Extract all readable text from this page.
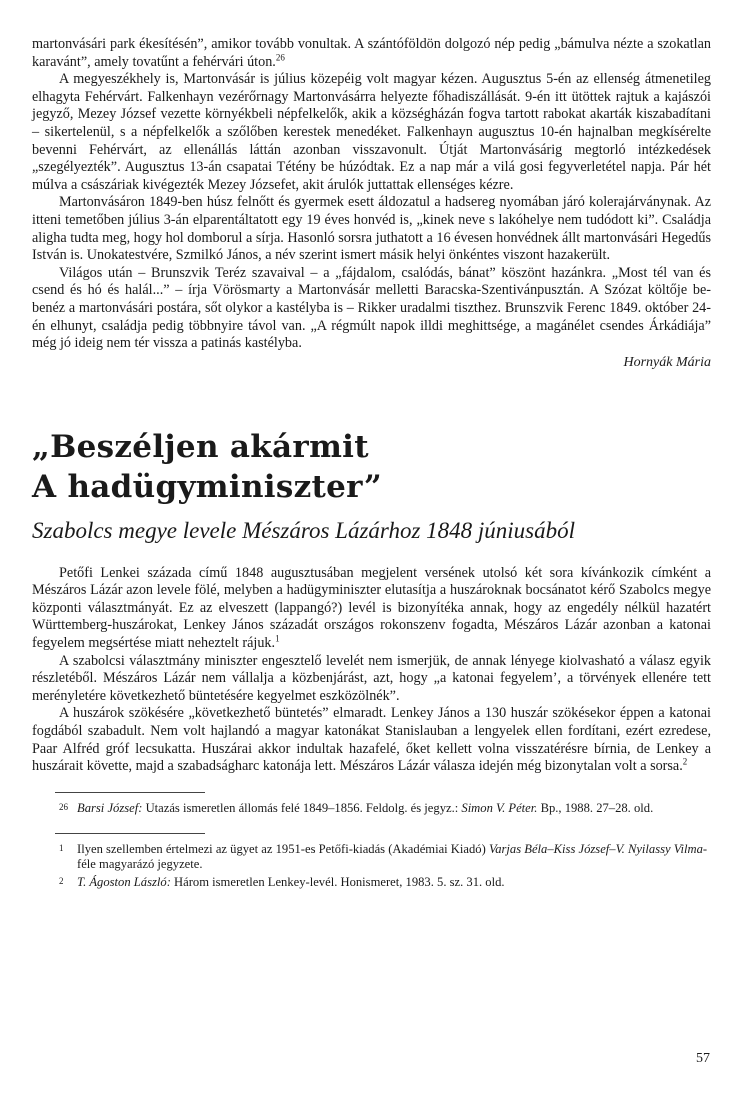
martonvásári park ékesítésén”, amikor tovább vonultak. A szántóföldön dolgozó nép pedig „bámulva nézte a szokatlan karavánt”, amely tovatűnt a fehérvári úton.$^{26}$

A megyeszékhely is, Martonvásár is július közepéig volt magyar kézen. Augusztus 5-én az ellenség átmenetileg elhagyta Fehérvárt. Falkenhayn vezérőrnagy Martonvásárra helyezte főhadiszállását. 9-én itt ütöttek rajtuk a kajászói jegyző, Mezey József vezette környékbeli népfelkelők, akik a községházán fogva tartott rabokat akarták kiszabadítani – sikertelenül, s a népfelkelők a szőlőben kerestek menedéket. Falkenhayn augusztus 10-én hajnalban megkísérelte bevenni Fehérvárt, az ellenállás láttán azonban visszavonult. Útját Martonvásárig megtorló intézkedések „szegélyezték”. Augusztus 13-án csapatai Tétény be húzódtak. Ez a nap már a vilá gosi fegyverletétel napja. Pár hét múlva a császáriak kivégezték Mezey Józsefet, akit árulók juttattak ellenséges kézre.

Martonvásáron 1849-ben húsz felnőtt és gyermek esett áldozatul a hadsereg nyomában járó kolerajárványnak. Az itteni temetőben július 3-án elparentáltatott egy 19 éves honvéd is, „kinek neve s lakóhelye nem tudódott ki”. Családja aligha tudta meg, hogy hol domborul a sírja. Hasonló sorsra juthatott a 16 évesen honvédnek állt martonvásári Hegedűs István is. Unokatestvére, Szmilkó János, a név szerint ismert másik helyi önkéntes viszont hazakerült.

Világos után – Brunszvik Teréz szavaival – a „fájdalom, csalódás, bánat” köszönt hazánkra. „Most tél van és csend és hó és halál...” – írja Vörösmarty a Martonvásár melletti Baracska-Szentivánpusztán. A Szózat költője be-benéz a martonvásári postára, sőt olykor a kastélyba is – Rikker uradalmi tiszthez. Brunszvik Ferenc 1849. október 24-én elhunyt, családja pedig többnyire távol van. „A régmúlt napok illdi meghittsége, a magánélet csendes Árkádiája” még jó ideig nem tér vissza a patinás kastélyba.

Hornyák Mária

„Beszéljen akármit
A hadügyminiszter”

Szabolcs megye levele Mészáros Lázárhoz 1848 júniusából

Petőfi Lenkei százada című 1848 augusztusában megjelent versének utolsó két sora kívánkozik címként a Mészáros Lázár azon levele fölé, melyben a hadügyminiszter elutasítja a huszároknak bocsánatot kérő Szabolcs megye központi választmányát. Ez az elveszett (lappangó?) levél is bizonyítéka annak, hogy az engedély nélkül hazatért Württemberg-huszárokat, Lenkey János századát országos rokonszenv fogadta, Mészáros Lázár azonban a katonai fegyelem megsértése miatt neheztelt rájuk.$^1$

A szabolcsi választmány miniszter engesztelő levelét nem ismerjük, de annak lényege kiolvasható a válasz egyik részletéből. Mészáros Lázár nem vállalja a közbenjárást, azt, hogy „a katonai fegyelem’, a törvények ellenére tett merényletére következhető büntetésére kegyelmet eszközölnék”.

A huszárok szökésére „következhető büntetés” elmaradt. Lenkey János a 130 huszár szökésekor éppen a katonai fogdából szabadult. Nem volt hajlandó a magyar katonákat Stanislauban a lengyelek ellen fordítani, ezért ezredese, Paar Alfréd gróf lecsukatta. Huszárai akkor indultak hazafelé, őket kellett volna visszatérésre bírnia, de Lenkey a huszárait követte, majd a szabadságharc katonája lett. Mészáros Lázár válasza idején még bizonytalan volt a sorsa.$^2$

26 Barsi József: Utazás ismeretlen állomás felé 1849–1856. Feldolg. és jegyz.: Simon V. Péter. Bp., 1988. 27–28. old.

1 Ilyen szellemben értelmezi az ügyet az 1951-es Petőfi-kiadás (Akadémiai Kiadó) Varjas Béla–Kiss József–V. Nyilassy Vilma-féle magyarázó jegyzete.

2 T. Ágoston László: Három ismeretlen Lenkey-levél. Honismeret, 1983. 5. sz. 31. old.

57
